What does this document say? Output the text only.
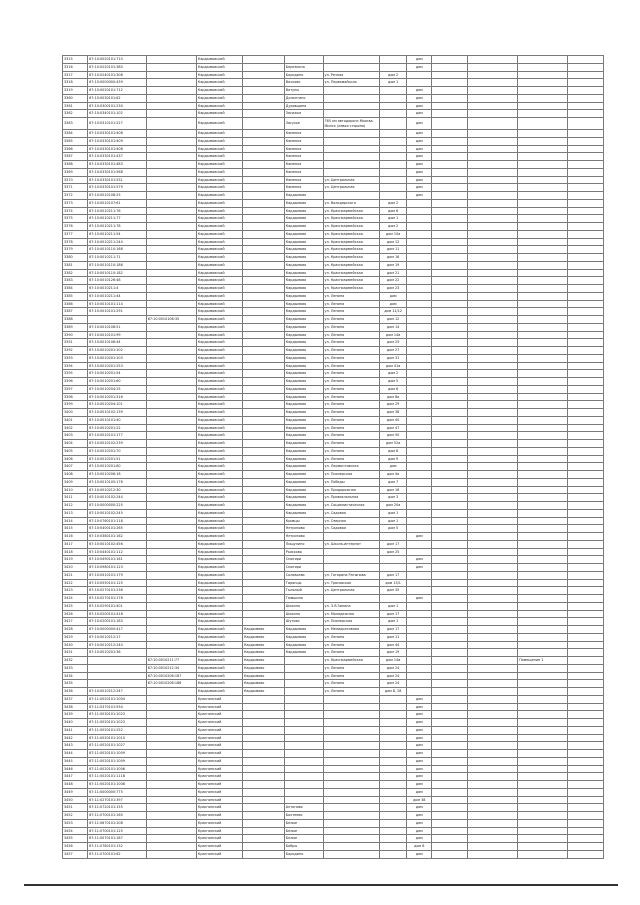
3315	67:10:0020101:710		Кардымовский					дом				
3316	67:10:0220101:380		Кардымовский		Березкино			дом				
3317	67:10:0240101:308		Кардымовский		Бородино	ул. Речная	дом 2					
3318	67:10:0000000:439		Кардымовский		Вачково	ул. Первомайская	дом 1					
3319	67:10:0020101:712		Кардымовский		Ватуны			дом				
3360	67:10:0030101:62		Кардымовский		Долонтино			дом				
3361	67:10:0300101:230		Кардымовский		Дуровщина			дом				
3362	67:10:0340101:102		Кардымовский		Засижье			дом				
3363	67:10:0310101:227		Кардымовский		Засухье	765 км автодороги Москва-Минск (левая сторона)		дом				
3364	67:10:0330101:408		Кардымовский		Каменка			дом				
3365	67:10:0330101:409		Кардымовский		Каменка			дом				
3366	67:10:0330101:408		Кардымовский		Каменка			дом				
3367	67:10:0330101:437		Кардымовский		Каменка			дом				
3368	67:10:0330101:483		Кардымовский		Каменка			дом				
3369	67:10:0330101:568		Кардымовский		Каменка			дом				
3370	67:10:0330101:531		Кардымовский		Каменка	ул. Центральная		дом				
3371	67:10:0330101:579		Кардымовский		Каменка	ул. Центральная		дом				
3372	67:10:0010108:25		Кардымовский		Кардымово			дом				
3373	67:10:0010107:61		Кардымовский		Кардымово	ул. Володарского	дом 2					
3374	67:10:0010211:76		Кардымовский		Кардымово	ул. Красноармейская	дом 6					
3375	67:10:0010211:77		Кардымовский		Кардымово	ул. Красноармейская	дом 1					
3376	67:10:0010211:78		Кардымовский		Кардымово	ул. Красноармейская	дом 2					
3377	67:10:0010211:54		Кардымовский		Кардымово	ул. Красноармейская	дом 10а					
3378	67:10:0010211:244		Кардымовский		Кардымово	ул. Красноармейская	дом 12					
3379	67:10:0010110:168		Кардымовский		Кардымово	ул. Красноармейская	дом 11					
3380	67:10:0010211:71		Кардымовский		Кардымово	ул. Красноармейская	дом 16					
3381	67:10:0010110:186		Кардымовский		Кардымово	ул. Красноармейская	дом 19					
3382	67:10:0010110:182		Кардымовский		Кардымово	ул. Красноармейская	дом 21					
3383	67:10:0010126:48		Кардымовский		Кардымово	ул. Красноармейская	дом 22					
3384	67:10:0010211:4		Кардымовский		Кардымово	ул. Красноармейская	дом 23					
3385	67:10:0010211:44		Кардымовский		Кардымово	ул. Ленина	дом					
3386	67:10:0010101:114		Кардымовский		Кардымово	ул. Ленина	дом					
3387	67:10:0010101:291		Кардымовский		Кардымово	ул. Ленина	дом 11/12					
3388		67:10:0010108:35	Кардымовский		Кардымово	ул. Ленина	дом 12					
3389	67:10:0010108:51		Кардымовский		Кардымово	ул. Ленина	дом 14					
3390	67:10:0010101:99		Кардымовский		Кардымово	ул. Ленина	дом 14а					
3391	67:10:0010108:44		Кардымовский		Кардымово	ул. Ленина	дом 25					
3392	67:10:0010201:102		Кардымовский		Кардымово	ул. Ленина	дом 27					
3393	67:10:0010201:103		Кардымовский		Кардымово	ул. Ленина	дом 31					
3394	67:10:0010201:253		Кардымовский		Кардымово	ул. Ленина	дом 41а					
3395	67:10:0010201:54		Кардымовский		Кардымово	ул. Ленина	дом 2					
3396	67:10:0010201:60		Кардымовский		Кардымово	ул. Ленина	дом 5					
3397	67:10:0010204:25		Кардымовский		Кардымово	ул. Ленина	дом 6					
3398	67:10:0010201:316		Кардымовский		Кардымово	ул. Ленина	дом 8а					
3399	67:10:0010204:101		Кардымовский		Кардымово	ул. Ленина	дом 29					
3400	67:10:0010102:139		Кардымовский		Кардымово	ул. Ленина	дом 38					
3401	67:10:0010101:40		Кардымовский		Кардымово	ул. Ленина	дом 40					
3402	67:10:0010201:22		Кардымовский		Кардымово	ул. Ленина	дом 47					
3403	67:10:0010101:177		Кардымовский		Кардымово	ул. Ленина	дом 50					
3404	67:10:0010102:239		Кардымовский		Кардымово	ул. Ленина	дом 52а					
3405	67:10:0010201:70		Кардымовский		Кардымово	ул. Ленина	дом 8					
3406	67:10:0010201:51		Кардымовский		Кардымово	ул. Ленина	дом 9					
3407	67:10:0010201:80		Кардымовский		Кардымово	ул. Лермонтовская	дом					
3408	67:10:0010206:18		Кардымовский		Кардымово	ул. Пионерская	дом 4а					
3409	67:10:0010105:176		Кардымовский		Кардымово	ул. Победы	дом 7					
3410	67:10:0010212:30		Кардымовский		Кардымово	ул. Придорожная	дом 16					
3411	67:10:0010102:244		Кардымовский		Кардымово	ул. Привокзальная	дом 3					
3412	67:10:0000000:225		Кардымовский		Кардымово	ул. Социалистическая	дом 20а					
3413	67:10:0010102:245		Кардымовский		Кардымово	ул. Садовая	дом 1					
3414	67:10:0760101:118		Кардымовский		Кривцы	ул. Озерная	дом 1					
3415	67:10:0400101:265		Кардымовский		Нетризово	ул. Садовая	дом 5					
3416	67:10:0380101:162		Кардымовский		Нетризово			дом				
3417	67:10:0010102:456		Кардымовский		Пищулино	ул. Школа-интернат	дом 17					
3418	67:10:0440101:112		Кардымовский		Рыжково		дом 25					
3419	67:10:0490101:161		Кардымовский		Смогири			дом				
3420	67:10:0980101:123		Кардымовский		Смогири			дом				
3421	67:10:0410101:179		Кардымовский		Соловьево	ул. Гагарина Ратынова	дом 17					
3422	67:10:0550101:125		Кардымовский		Тирянцы	ул. Трасовская	дом 15/1					
3423	67:10:0270101:236		Кардымовский		Тыльный	ул. Центральная	дом 35					
3424	67:10:0270101:176		Кардымовский		Тюмшино			дом				
3425	67:10:0290101:401		Кардымовский		Шокино	ул. З.Я.Зинина	дом 1					
3426	67:10:0200101:418		Кардымовский		Шокино	ул. Молодежная	дом 17					
3427	67:10:0200101:183		Кардымовский		Шутово	ул. Пионерская	дом 1					
3428	67:10:0000000:417		Кардымовский	Кардымово	Кардымово	ул. Мелиоративная	дом 17					
3429	67:10:0010212:17		Кардымовский	Кардымово	Кардымово	ул. Ленина	дом 11					
3430	67:10:0010212:240		Кардымовский	Кардымово	Кардымово	ул. Ленина	дом 44					
3431	67:10:0010201:36		Кардымовский	Кардымово	Кардымово	ул. Ленина	дом 19					
3432		67:10:0010211:77	Кардымовский	Кардымово		ул. Красноармейская	дом 14а				Помещение 1	
3433		67:10:0010212:34	Кардымовский	Кардымово		ул. Ленина	дом 24					
3434		67:10:0010206:187	Кардымовский	Кардымово		ул. Ленина	дом 24					
3435		67:10:0010206:186	Кардымовский	Кардымово		ул. Ленина	дом 24					
3436	67:10:0010212:247		Кардымовский	Кардымово		ул. Ленина	дом 8, 28					
3437	67:11:0020101:1004		Краснинский					дом				
3438	67:11:0370101:934		Краснинский					дом				
3439	67:11:0030101:1023		Краснинский					дом				
3440	67:11:0020101:1023		Краснинский					дом				
3441	67:11:0020101:252		Краснинский					дом				
3442	67:11:0020101:1010		Краснинский					дом				
3443	67:11:0020101:1027		Краснинский					дом				
3444	67:11:0020101:1009		Краснинский					дом				
3445	67:11:0020101:1009		Краснинский					дом				
3446	67:11:0020101:1006		Краснинский					дом				
3447	67:11:0020101:1118		Краснинский					дом				
3448	67:11:0020101:1008		Краснинский					дом				
3449	67:11:0000000:775		Краснинский					дом				
3450	67:11:0270101:397		Краснинский					дом 38				
3451	67:11:0720101:155		Краснинский		Антоново			дом				
3452	67:11:0700101:160		Краснинский		Бахтеево			дом				
3453	67:11:0670101:108		Краснинский		Белые			дом				
3454	67:11:0700101:125		Краснинский		Белые			дом				
3455	67:11:0070101:187		Краснинский		Белые			дом				
3456	67:11:0780101:132		Краснинский		Бобры			дом 8				
3457	67:11:0700101:62		Краснинский		Бородино			дом				
